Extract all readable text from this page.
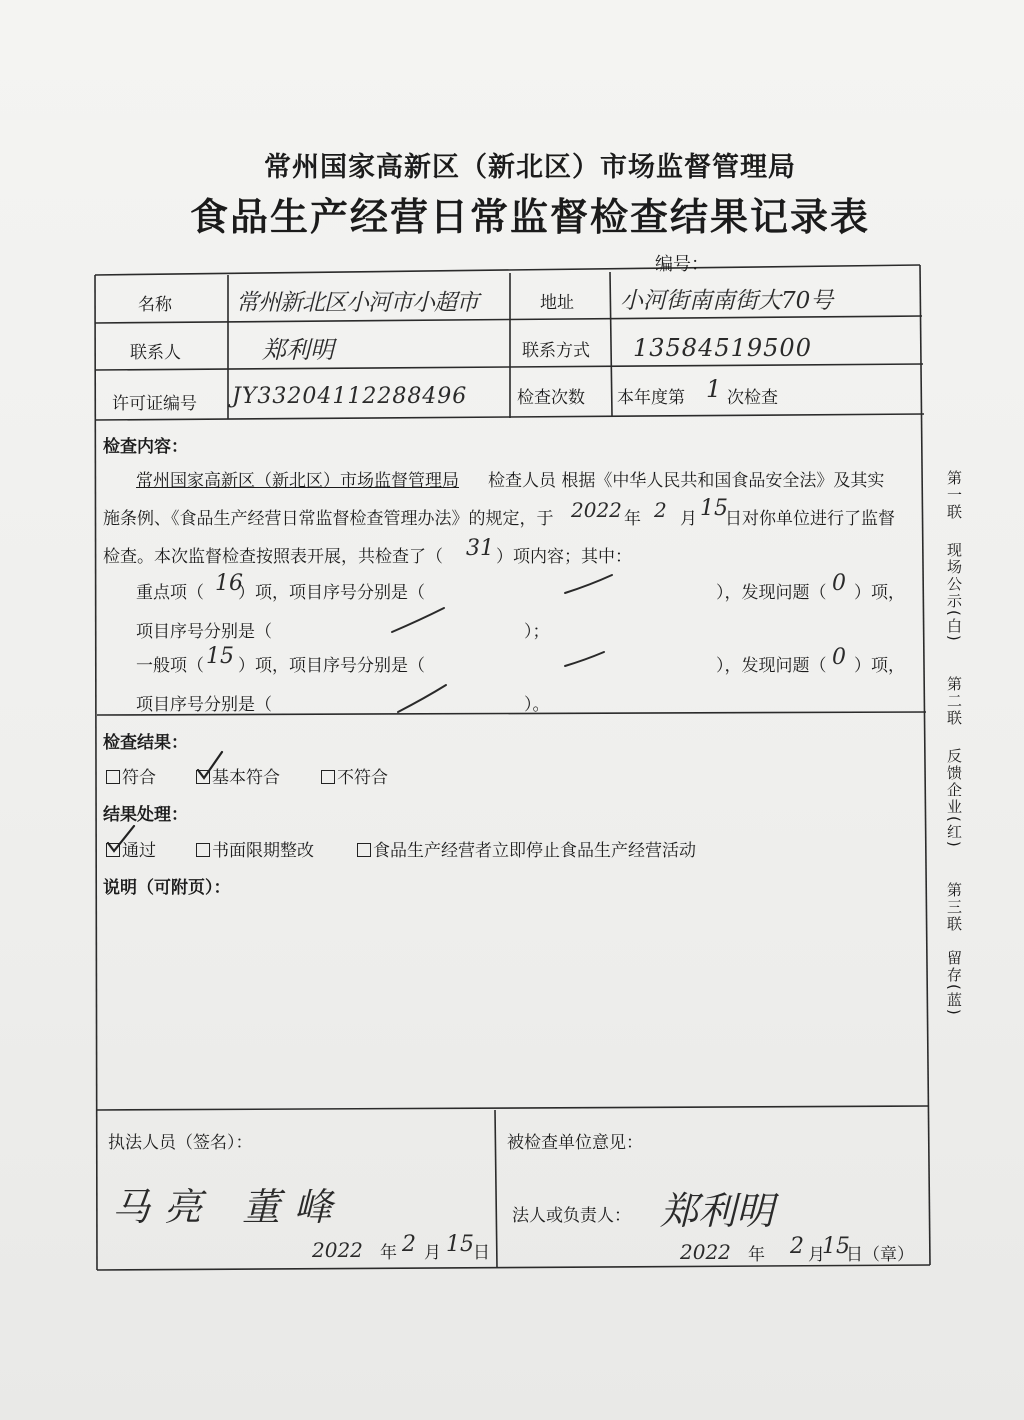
常州国家高新区（新北区）市场监督管理局
食品生产经营日常监督检查结果记录表
编号：
名称	常州新北区小河市小超市	地址 小河街南南街大70号
联系人	郑利明	联系方式 13584519500
许可证编号 JY33204112288496	检查次数 本年度第 1 次检查
检查内容：
常州国家高新区（新北区）市场监督管理局 检查人员 根据《中华人民共和国食品安全法》及其实
施条例、《食品生产经营日常监督检查管理办法》的规定，于 2022 年 2 月 15
日对你单位进行了监督
检查。本次监督检查按照表开展，共检查了（ 31 ）项内容；其中：
重点项（ 16
）项，项目序号分别是（	），发现问题（ 0 ）项，
项目序号分别是（	）；
一般项（ 15 ）项，项目序号分别是（	），发现问题（ 0 ）项，
项目序号分别是（	）。
检查结果：
符合	基本符合	不符合
结果处理：
通过	书面限期整改	食品生产经营者立即停止食品生产经营活动
说明（可附页）：
执法人员（签名）：
马亮 董峰
2022 年 2 月 15 日
被检查单位意见：
法人或负责人： 郑利明
2022 年 2 月
15
日（章）
第一联
现场公示(白)
第二联
反馈企业(红)
第三联
留存(蓝)
